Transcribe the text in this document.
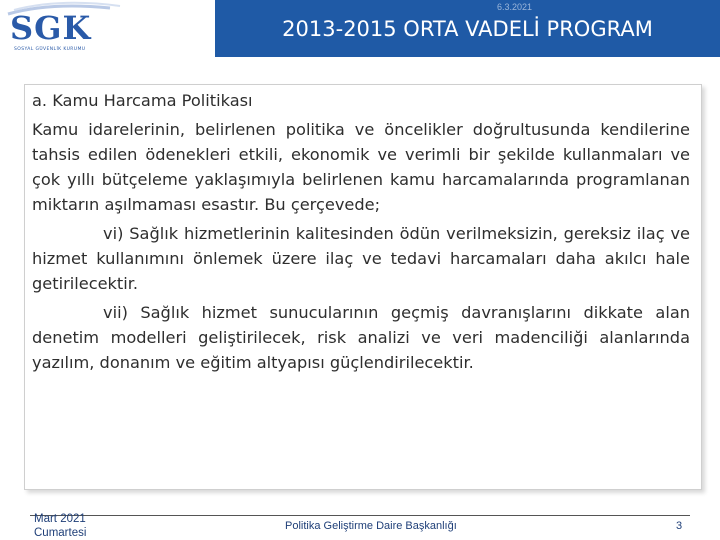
SGK
SOSYAL GÜVENLİK KURUMU
2013-2015 ORTA VADELİ PROGRAM
6.3.2021

a. Kamu Harcama Politikası

Kamu idarelerinin, belirlenen politika ve öncelikler doğrultusunda kendilerine tahsis edilen ödenekleri etkili, ekonomik ve verimli bir şekilde kullanmaları ve çok yıllı bütçeleme yaklaşımıyla belirlenen kamu harcamalarında programlanan miktarın aşılmaması esastır. Bu çerçevede;

vi) Sağlık hizmetlerinin kalitesinden ödün verilmeksizin, gereksiz ilaç ve hizmet kullanımını önlemek üzere ilaç ve tedavi harcamaları daha akılcı hale getirilecektir.

vii) Sağlık hizmet sunucularının geçmiş davranışlarını dikkate alan denetim modelleri geliştirilecek, risk analizi ve veri madenciliği alanlarında yazılım, donanım ve eğitim altyapısı güçlendirilecektir.

Mart 2021
Cumartesi
Politika Geliştirme Daire Başkanlığı	3
